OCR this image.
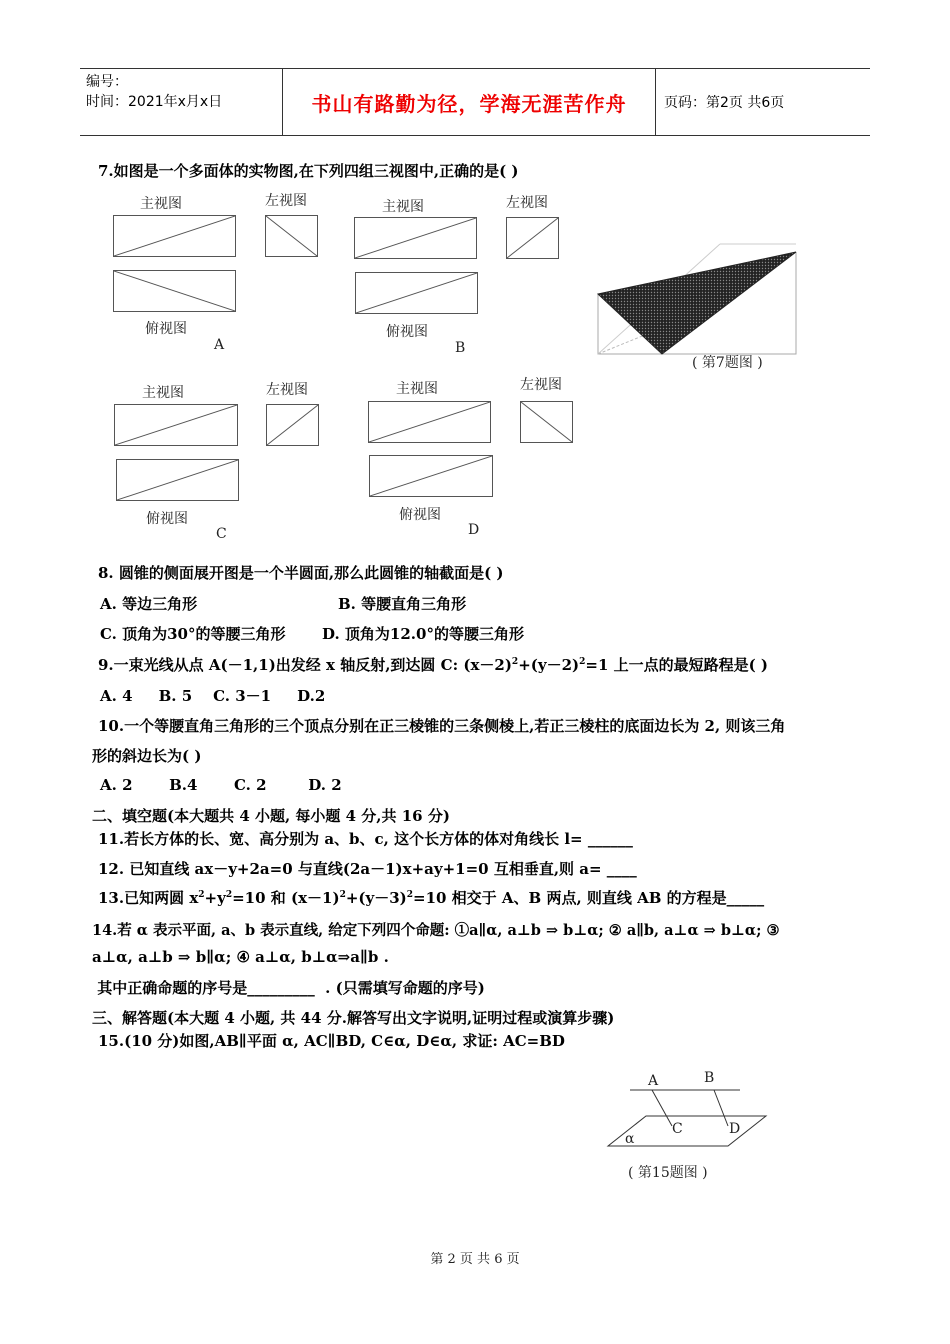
编号：
时间：2021年x月x日	书山有路勤为径，学海无涯苦作舟	页码：第2页 共6页
7.如图是一个多面体的实物图,在下列四组三视图中,正确的是( )
主视图	左视图
俯视图
A
主视图	左视图
俯视图
B
( 第7题图 )
主视图	左视图
俯视图
C
主视图	左视图
俯视图
D
8. 圆锥的侧面展开图是一个半圆面,那么此圆锥的轴截面是( )
A. 等边三角形	B. 等腰直角三角形
C. 顶角为30°的等腰三角形 D. 顶角为12.0°的等腰三角形
9.一束光线从点 A(－1,1)出发经 x 轴反射,到达圆 C: $(x-2)^2+(y-2)^2=1$ 上一点的最短路程是( )
A. 4     B. 5    C. 3－1     D.2
10.一个等腰直角三角形的三个顶点分别在正三棱锥的三条侧棱上,若正三棱柱的底面边长为 2, 则该三角
形的斜边长为( )
A. 2       B.4       C. 2        D. 2
二、填空题(本大题共 4 小题, 每小题 4 分,共 16 分)
11.若长方体的长、宽、高分别为 a、b、c, 这个长方体的体对角线长 l= ______
12. 已知直线 ax－y+2a=0 与直线(2a－1)x+ay+1=0 互相垂直,则 a= ____
13.已知两圆 $x^2+y^2=10$ 和 $(x-1)^2+(y-3)^2=10$ 相交于 A、B 两点, 则直线 AB 的方程是_____
14.若 α 表示平面, a、b 表示直线, 给定下列四个命题: ①a∥α, a⊥b ⇒ b⊥α; ② a∥b, a⊥α ⇒ b⊥α; ③
a⊥α, a⊥b ⇒ b∥α; ④ a⊥α, b⊥α⇒a∥b .
其中正确命题的序号是_________  . (只需填写命题的序号)
三、解答题(本大题 4 小题, 共 44 分.解答写出文字说明,证明过程或演算步骤)
15.(10 分)如图,AB∥平面 α, AC∥BD, C∈α, D∈α, 求证: AC=BD
A	B
C	D
α
( 第15题图 )
第 2 页 共 6 页
